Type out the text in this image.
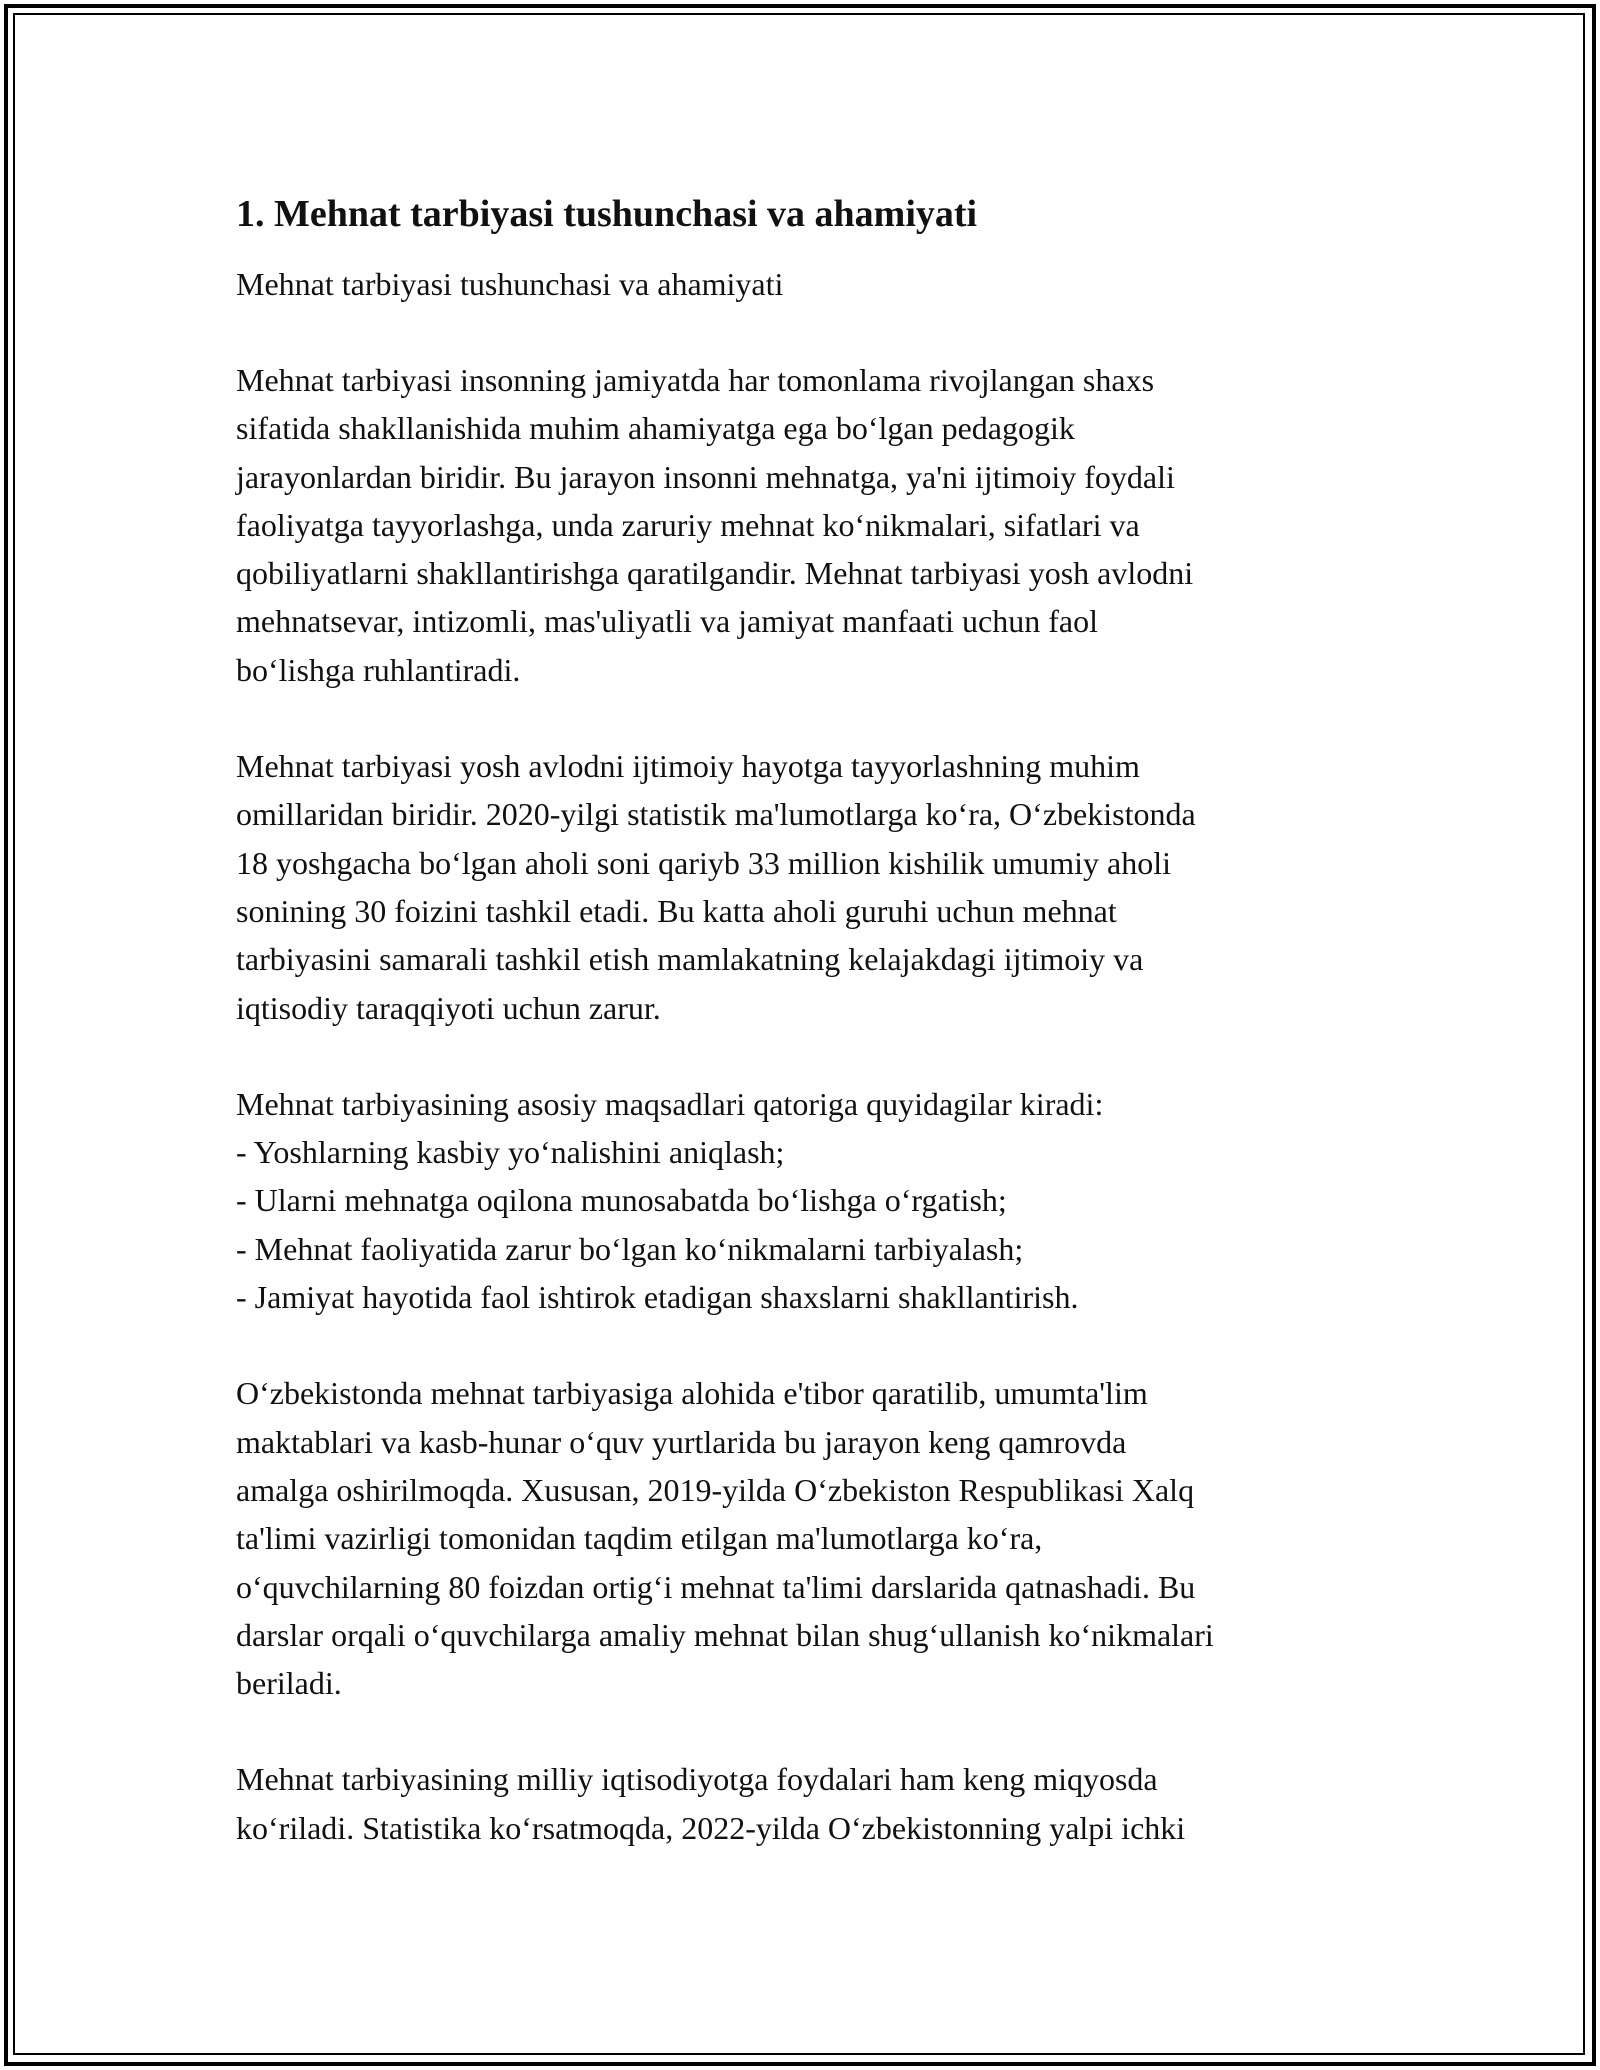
1. Mehnat tarbiyasi tushunchasi va ahamiyati
Mehnat tarbiyasi tushunchasi va ahamiyati
Mehnat tarbiyasi insonning jamiyatda har tomonlama rivojlangan shaxs
sifatida shakllanishida muhim ahamiyatga ega bo‘lgan pedagogik
jarayonlardan biridir. Bu jarayon insonni mehnatga, ya'ni ijtimoiy foydali
faoliyatga tayyorlashga, unda zaruriy mehnat ko‘nikmalari, sifatlari va
qobiliyatlarni shakllantirishga qaratilgandir. Mehnat tarbiyasi yosh avlodni
mehnatsevar, intizomli, mas'uliyatli va jamiyat manfaati uchun faol
bo‘lishga ruhlantiradi.
Mehnat tarbiyasi yosh avlodni ijtimoiy hayotga tayyorlashning muhim
omillaridan biridir. 2020-yilgi statistik ma'lumotlarga ko‘ra, O‘zbekistonda
18 yoshgacha bo‘lgan aholi soni qariyb 33 million kishilik umumiy aholi
sonining 30 foizini tashkil etadi. Bu katta aholi guruhi uchun mehnat
tarbiyasini samarali tashkil etish mamlakatning kelajakdagi ijtimoiy va
iqtisodiy taraqqiyoti uchun zarur.
Mehnat tarbiyasining asosiy maqsadlari qatoriga quyidagilar kiradi:
- Yoshlarning kasbiy yo‘nalishini aniqlash;
- Ularni mehnatga oqilona munosabatda bo‘lishga o‘rgatish;
- Mehnat faoliyatida zarur bo‘lgan ko‘nikmalarni tarbiyalash;
- Jamiyat hayotida faol ishtirok etadigan shaxslarni shakllantirish.
O‘zbekistonda mehnat tarbiyasiga alohida e'tibor qaratilib, umumta'lim
maktablari va kasb-hunar o‘quv yurtlarida bu jarayon keng qamrovda
amalga oshirilmoqda. Xususan, 2019-yilda O‘zbekiston Respublikasi Xalq
ta'limi vazirligi tomonidan taqdim etilgan ma'lumotlarga ko‘ra,
o‘quvchilarning 80 foizdan ortig‘i mehnat ta'limi darslarida qatnashadi. Bu
darslar orqali o‘quvchilarga amaliy mehnat bilan shug‘ullanish ko‘nikmalari
beriladi.
Mehnat tarbiyasining milliy iqtisodiyotga foydalari ham keng miqyosda
ko‘riladi. Statistika ko‘rsatmoqda, 2022-yilda O‘zbekistonning yalpi ichki
